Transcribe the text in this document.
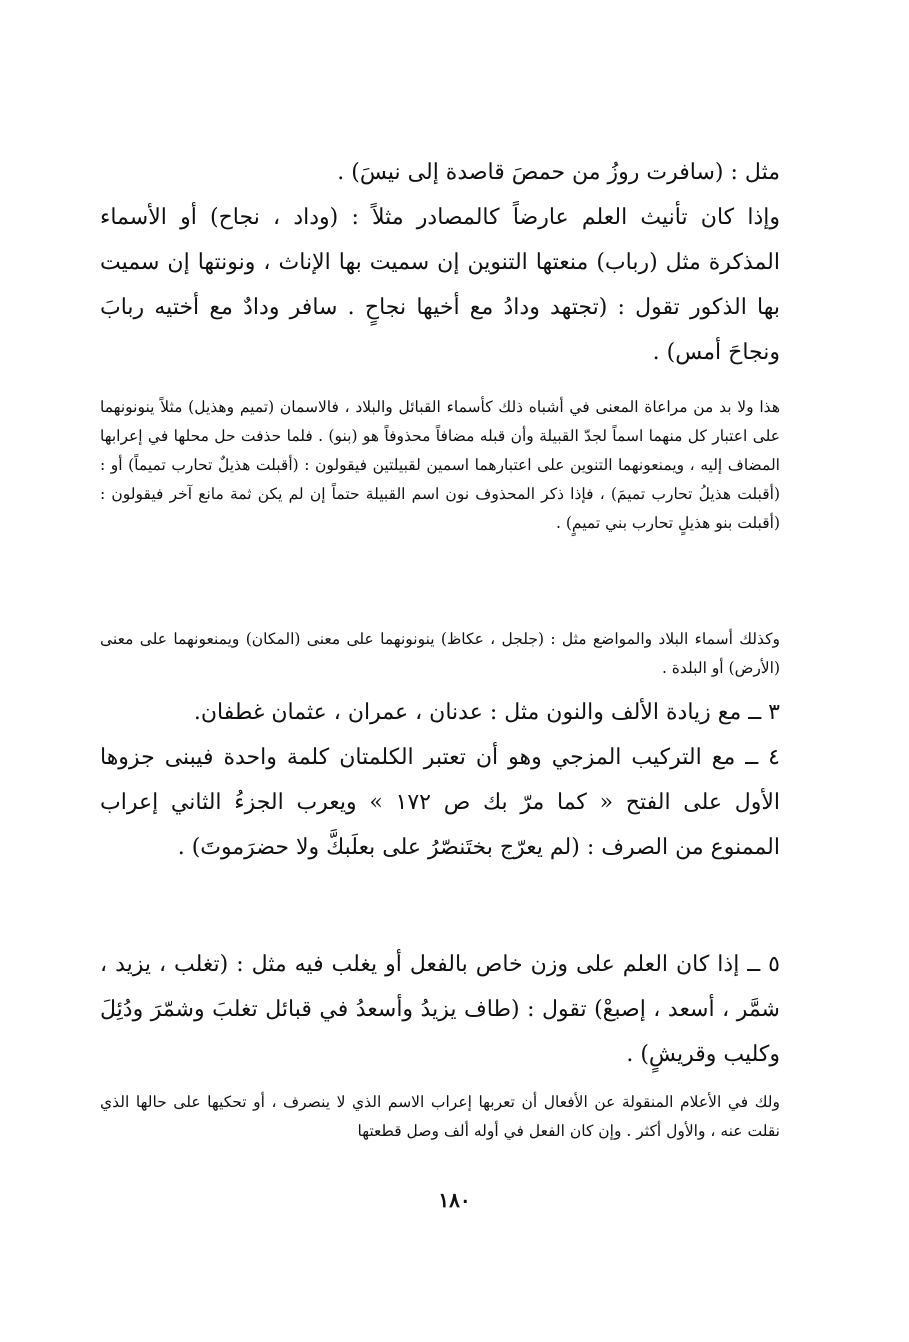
مثل : (سافرت روزُ من حمصَ قاصدة إلى نيسَ) .

وإذا كان تأنيث العلم عارضاً كالمصادر مثلاً : (وداد ، نجاح) أو الأسماء المذكرة مثل (رباب) منعتها التنوين إن سميت بها الإناث ، ونونتها إن سميت بها الذكور تقول : (تجتهد ودادُ مع أخيها نجاحٍ . سافر ودادٌ مع أختيه ربابَ ونجاحَ أمس) .

هذا ولا بد من مراعاة المعنى في أشباه ذلك كأسماء القبائل والبلاد ، فالاسمان (تميم وهذيل) مثلاً ينونونهما على اعتبار كل منهما اسماً لجدّ القبيلة وأن قبله مضافاً محذوفاً هو (بنو) . فلما حذفت حل محلها في إعرابها المضاف إليه ، ويمنعونهما التنوين على اعتبارهما اسمين لقبيلتين فيقولون : (أقبلت هذيلٌ تحارب تميماً) أو : (أقبلت هذيلُ تحارب تميمَ) ، فإذا ذكر المحذوف نون اسم القبيلة حتماً إن لم يكن ثمة مانع آخر فيقولون : (أقبلت بنو هذيلٍ تحارب بني تميمٍ) .

وكذلك أسماء البلاد والمواضع مثل : (جلجل ، عكاظ) ينونونهما على معنى (المكان) ويمنعونهما على معنى (الأرض) أو البلدة .

٣ ــ مع زيادة الألف والنون مثل : عدنان ، عمران ، عثمان غطفان.

٤ ــ مع التركيب المزجي وهو أن تعتبر الكلمتان كلمة واحدة فيبنى جزوها الأول على الفتح « كما مرّ بك ص ١٧٢ » ويعرب الجزءُ الثاني إعراب الممنوع من الصرف : (لم يعرّج بختَنصّرُ على بعلَبكَّ ولا حضرَموتَ) .

٥ ــ إذا كان العلم على وزن خاص بالفعل أو يغلب فيه مثل : (تغلب ، يزيد ، شمَّر ، أسعد ، إصبعْ) تقول : (طاف يزيدُ وأسعدُ في قبائل تغلبَ وشمّرَ ودُئِلَ وكليب وقريشٍ) .

ولك في الأعلام المنقولة عن الأفعال أن تعربها إعراب الاسم الذي لا ينصرف ، أو تحكيها على حالها الذي نقلت عنه ، والأول أكثر . وإن كان الفعل في أوله ألف وصل قطعتها

١٨٠
